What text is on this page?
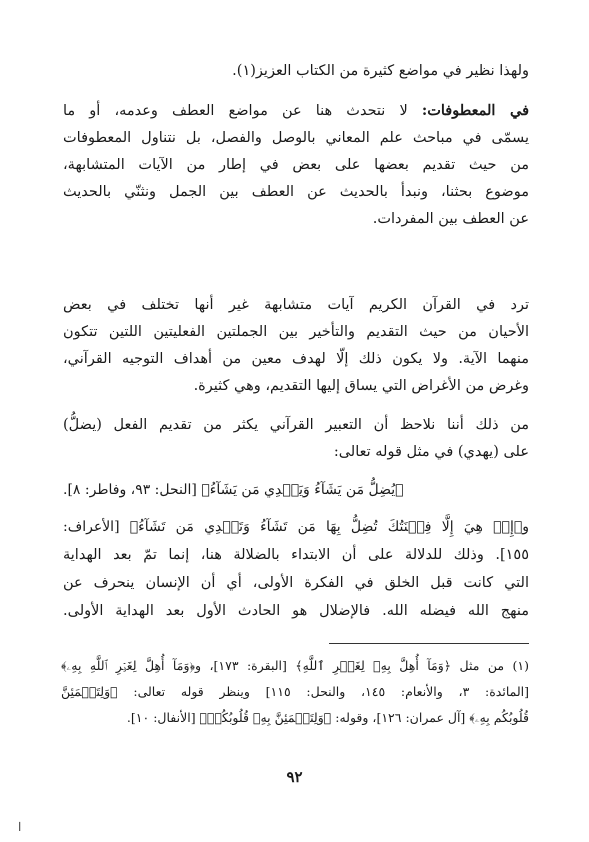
ولهذا نظير في مواضع كثيرة من الكتاب العزيز(١).
في المعطوفات: لا نتحدث هنا عن مواضع العطف وعدمه، أو ما
يسمّى في مباحث علم المعاني بالوصل والفصل، بل نتناول المعطوفات
من حيث تقديم بعضها على بعض في إطار من الآيات المتشابهة،
موضوع بحثنا، ونبدأ بالحديث عن العطف بين الجمل ونثنّي بالحديث
عن العطف بين المفردات.
ترد في القرآن الكريم آيات متشابهة غير أنها تختلف في بعض
الأحيان من حيث التقديم والتأخير بين الجملتين الفعليتين اللتين تتكون
منهما الآية. ولا يكون ذلك إلّا لهدف معين من أهداف التوجيه القرآني،
وغرض من الأغراض التي يساق إليها التقديم، وهي كثيرة.
من ذلك أننا نلاحظ أن التعبير القرآني يكثر من تقديم الفعل (يضلُّ)
على (يهدي) في مثل قوله تعالى:
﴿يُضِلُّ مَن يَشَآءُ وَيَهۡدِي مَن يَشَآءُ﴾ [النحل: ٩٣، وفاطر: ٨].
و﴿إِنۡ هِيَ إِلَّا فِتۡنَتُكَ تُضِلُّ بِهَا مَن تَشَآءُ وَتَهۡدِي مَن تَشَآءُ﴾ [الأعراف:
١٥٥]. وذلك للدلالة على أن الابتداء بالضلالة هنا، إنما تمّ بعد الهداية
التي كانت قبل الخلق في الفكرة الأولى، أي أن الإنسان ينحرف عن
منهج الله فيضله الله. فالإضلال هو الحادث الأول بعد الهداية الأولى.
(١) من مثل ﴿وَمَآ أُهِلَّ بِهِۦ لِغَيۡرِ ٱللَّهِ﴾ [البقرة: ١٧٣]، و﴿وَمَآ أُهِلَّ لِغَيۡرِ ٱللَّهِ بِهِۦ﴾
[المائدة: ٣، والأنعام: ١٤٥، والنحل: ١١٥] وينظر قوله تعالى: ﴿وَلِتَطۡمَئِنَّ
قُلُوبُكُم بِهِۦ﴾ [آل عمران: ١٢٦]، وقوله: ﴿وَلِتَطۡمَئِنَّ بِهِۦ قُلُوبُكُمۡ﴾ [الأنفال: ١٠].
٩٢
ا
